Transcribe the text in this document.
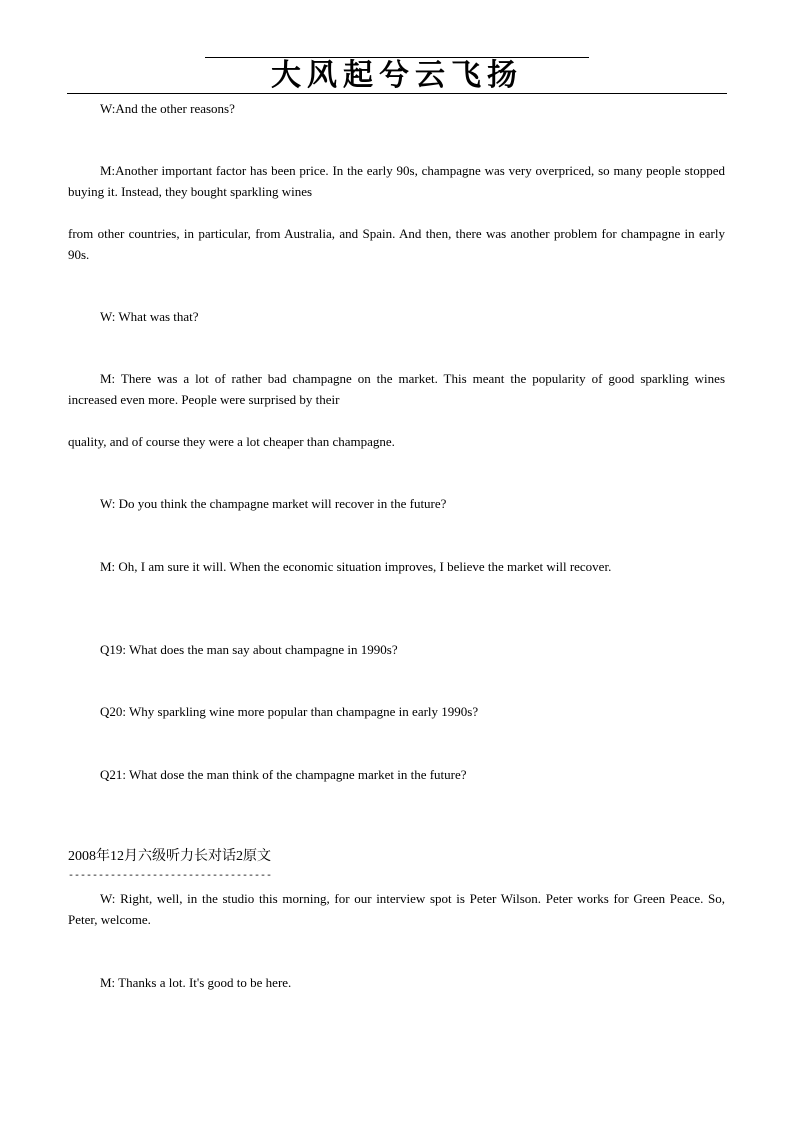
大风起兮云飞扬
W:And the other reasons?
M:Another important factor has been price. In the early 90s, champagne was very overpriced, so many people stopped buying it. Instead, they bought sparkling wines
from other countries, in particular, from Australia, and Spain. And then, there was another problem for champagne in early 90s.
W: What was that?
M: There was a lot of rather bad champagne on the market. This meant the popularity of good sparkling wines increased even more. People were surprised by their
quality, and of course they were a lot cheaper than champagne.
W: Do you think the champagne market will recover in the future?
M: Oh, I am sure it will. When the economic situation improves, I believe the market will recover.
Q19: What does the man say about champagne in 1990s?
Q20: Why sparkling wine more popular than champagne in early 1990s?
Q21: What dose the man think of the champagne market in the future?
2008年12月六级听力长对话2原文
----------------------------------
W: Right, well, in the studio this morning, for our interview spot is Peter Wilson. Peter works for Green Peace. So, Peter, welcome.
M: Thanks a lot. It's good to be here.
